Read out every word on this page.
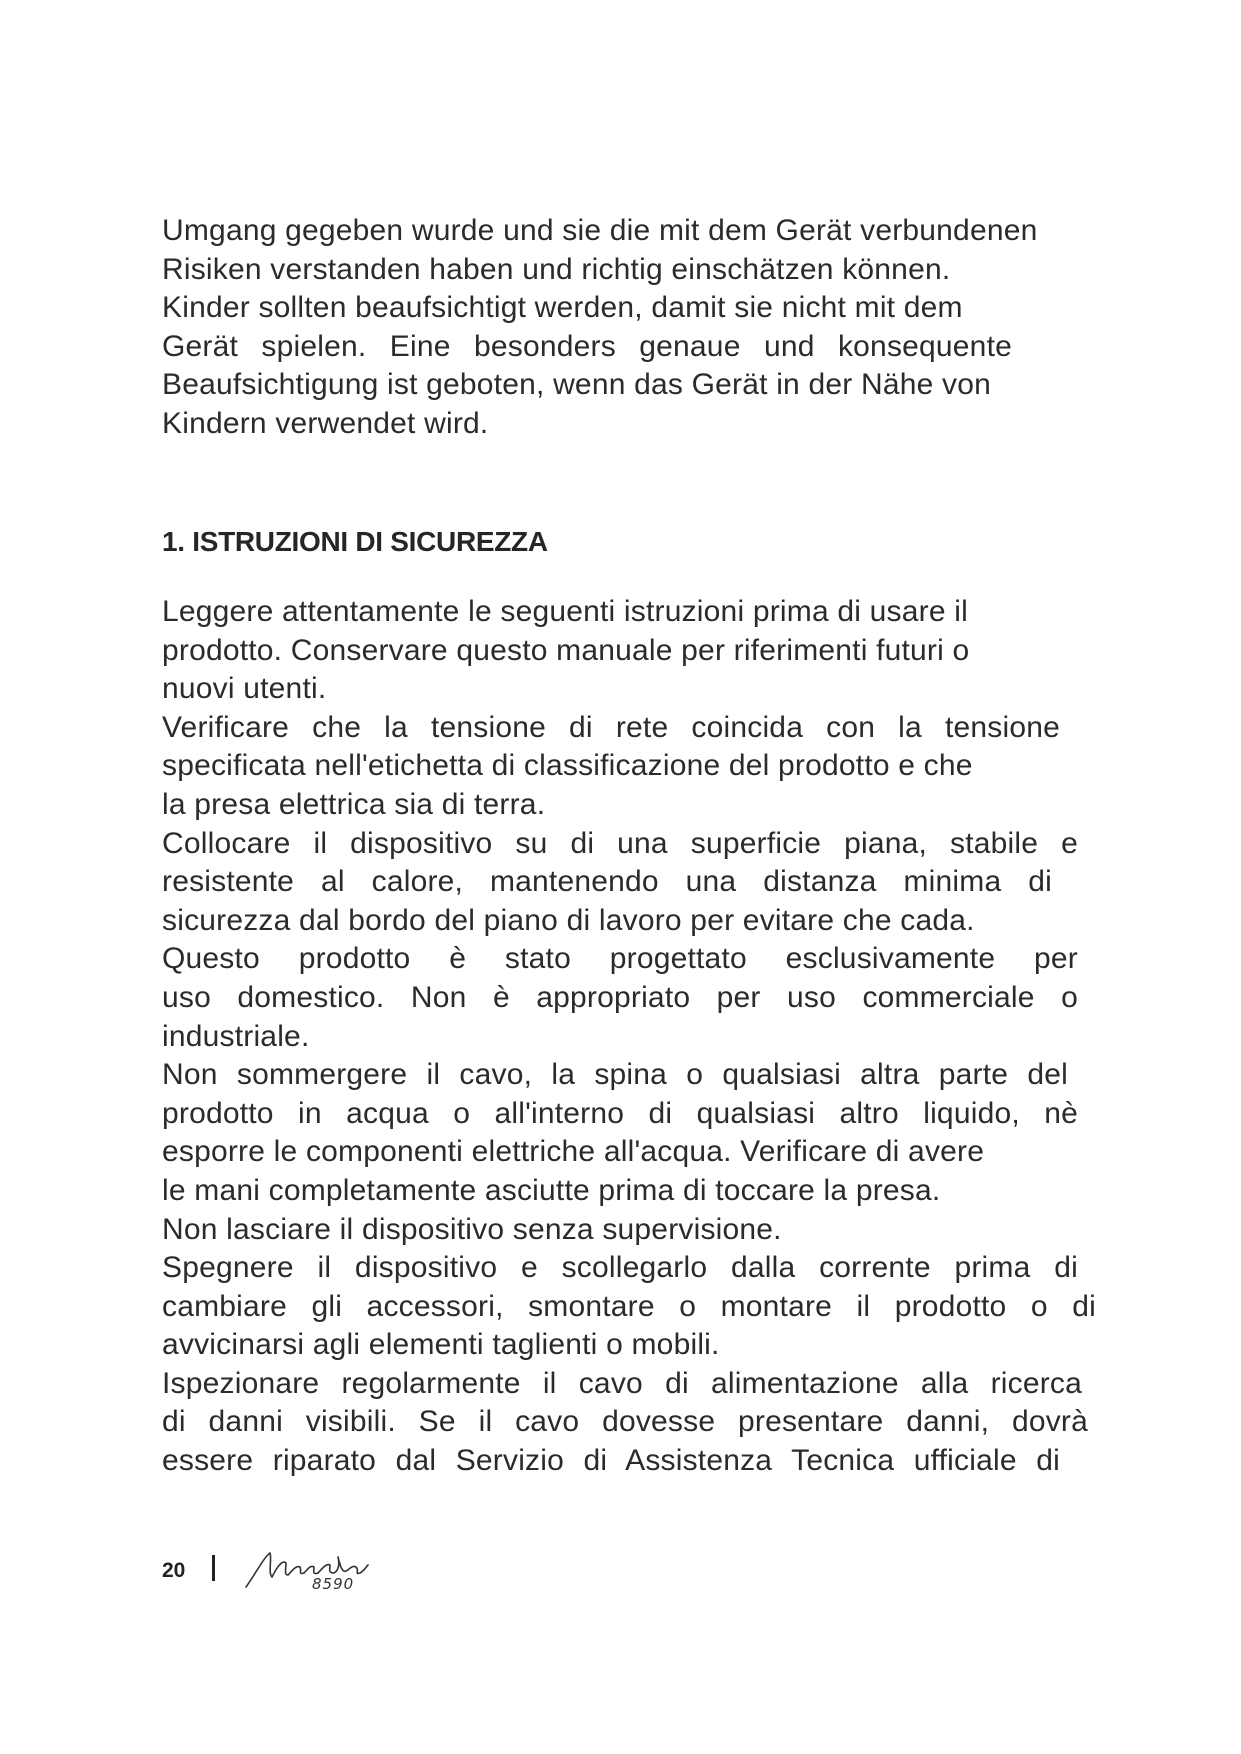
Umgang gegeben wurde und sie die mit dem Gerät verbundenen
Risiken verstanden haben und richtig einschätzen können.
Kinder sollten beaufsichtigt werden, damit sie nicht mit dem
Gerät spielen. Eine besonders genaue und konsequente
Beaufsichtigung ist geboten, wenn das Gerät in der Nähe von
Kindern verwendet wird.
1. ISTRUZIONI DI SICUREZZA
Leggere attentamente le seguenti istruzioni prima di usare il
prodotto. Conservare questo manuale per riferimenti futuri o
nuovi utenti.
Verificare che la tensione di rete coincida con la tensione
specificata nell'etichetta di classificazione del prodotto e che
la presa elettrica sia di terra.
Collocare il dispositivo su di una superficie piana, stabile e
resistente al calore, mantenendo una distanza minima di
sicurezza dal bordo del piano di lavoro per evitare che cada.
Questo prodotto è stato progettato esclusivamente per
uso domestico. Non è appropriato per uso commerciale o
industriale.
Non sommergere il cavo, la spina o qualsiasi altra parte del
prodotto in acqua o all'interno di qualsiasi altro liquido, nè
esporre le componenti elettriche all'acqua. Verificare di avere
le mani completamente asciutte prima di toccare la presa.
Non lasciare il dispositivo senza supervisione.
Spegnere il dispositivo e scollegarlo dalla corrente prima di
cambiare gli accessori, smontare o montare il prodotto o di
avvicinarsi agli elementi taglienti o mobili.
Ispezionare regolarmente il cavo di alimentazione alla ricerca
di danni visibili. Se il cavo dovesse presentare danni, dovrà
essere riparato dal Servizio di Assistenza Tecnica ufficiale di
20
8590
